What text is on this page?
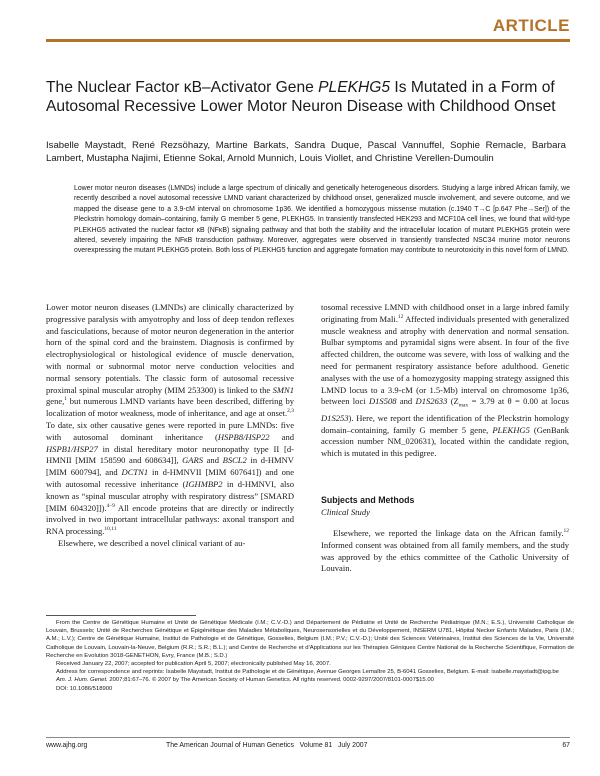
ARTICLE
The Nuclear Factor κB–Activator Gene PLEKHG5 Is Mutated in a Form of Autosomal Recessive Lower Motor Neuron Disease with Childhood Onset
Isabelle Maystadt, René Rezsöhazy, Martine Barkats, Sandra Duque, Pascal Vannuffel, Sophie Remacle, Barbara Lambert, Mustapha Najimi, Etienne Sokal, Arnold Munnich, Louis Viollet, and Christine Verellen-Dumoulin
Lower motor neuron diseases (LMNDs) include a large spectrum of clinically and genetically heterogeneous disorders. Studying a large inbred African family, we recently described a novel autosomal recessive LMND variant characterized by childhood onset, generalized muscle involvement, and severe outcome, and we mapped the disease gene to a 3.9-cM interval on chromosome 1p36. We identified a homozygous missense mutation (c.1940 T→C [p.647 Phe→Ser]) of the Pleckstrin homology domain–containing, family G member 5 gene, PLEKHG5. In transiently transfected HEK293 and MCF10A cell lines, we found that wild-type PLEKHG5 activated the nuclear factor κB (NFκB) signaling pathway and that both the stability and the intracellular location of mutant PLEKHG5 protein were altered, severely impairing the NFκB transduction pathway. Moreover, aggregates were observed in transiently transfected NSC34 murine motor neurons overexpressing the mutant PLEKHG5 protein. Both loss of PLEKHG5 function and aggregate formation may contribute to neurotoxicity in this novel form of LMND.

Lower motor neuron diseases (LMNDs) are clinically characterized by progressive paralysis with amyotrophy and loss of deep tendon reflexes and fasciculations, because of motor neuron degeneration in the anterior horn of the spinal cord and the brainstem. Diagnosis is confirmed by electrophysiological or histological evidence of muscle denervation, with normal or subnormal motor nerve conduction velocities and normal sensory potentials. The classic form of autosomal recessive proximal spinal muscular atrophy (MIM 253300) is linked to the SMN1 gene,$^1$ but numerous LMND variants have been described, differing by localization of motor weakness, mode of inheritance, and age at onset.$^{2,3}$ To date, six other causative genes were reported in pure LMNDs: five with autosomal dominant inheritance (HSPB8/HSP22 and HSPB1/HSP27 in distal hereditary motor neuronopathy type II [d-HMNII [MIM 158590 and 608634]], GARS and BSCL2 in d-HMNV [MIM 600794], and DCTN1 in d-HMNVII [MIM 607641]) and one with autosomal recessive inheritance (IGHMBP2 in d-HMNVI, also known as “spinal muscular atrophy with respiratory distress” [SMARD [MIM 604320]]).$^{4-9}$ All encode proteins that are directly or indirectly involved in two important intracellular pathways: axonal transport and RNA processing.$^{10,11}$

Elsewhere, we described a novel clinical variant of au-

tosomal recessive LMND with childhood onset in a large inbred family originating from Mali.$^{12}$ Affected individuals presented with generalized muscle weakness and atrophy with denervation and normal sensation. Bulbar symptoms and pyramidal signs were absent. In four of the five affected children, the outcome was severe, with loss of walking and the need for permanent respiratory assistance before adulthood. Genetic analyses with the use of a homozygosity mapping strategy assigned this LMND locus to a 3.9-cM (or 1.5-Mb) interval on chromosome 1p36, between loci D1S508 and D1S2633 ($Z_{max} = 3.79$ at θ = 0.00 at locus D1S253). Here, we report the identification of the Pleckstrin homology domain–containing, family G member 5 gene, PLEKHG5 (GenBank accession number NM_020631), located within the candidate region, which is mutated in this pedigree.

Subjects and Methods
Clinical Study

Elsewhere, we reported the linkage data on the African family.$^{12}$ Informed consent was obtained from all family members, and the study was approved by the ethics committee of the Catholic University of Louvain.

From the Centre de Génétique Humaine et Unité de Génétique Médicale (I.M.; C.V.-D.) and Département de Pédiatrie et Unité de Recherche Pédiatrique (M.N.; E.S.), Université Catholique de Louvain, Brussels; Unité de Recherches Génétique et Épigénétique des Maladies Métaboliques, Neurosensorielles et du Développement, INSERM U781, Hôpital Necker Enfants Malades, Paris (I.M.; A.M.; L.V.); Centre de Génétique Humaine, Institut de Pathologie et de Génétique, Gosselies, Belgium (I.M.; P.V.; C.V.-D.); Unité des Sciences Vétérinaires, Institut des Sciences de la Vie, Université Catholique de Louvain, Louvain-la-Neuve, Belgium (R.R.; S.R.; B.L.); and Centre de Recherche et d'Applications sur les Thérapies Géniques Centre National de la Recherche Scientifique, Formation de Recherche en Evolution 3018-GENETHON, Evry, France (M.B.; S.D.)

Received January 22, 2007; accepted for publication April 5, 2007; electronically published May 16, 2007.

Address for correspondence and reprints: Isabelle Maystadt, Institut de Pathologie et de Génétique, Avenue Georges Lemaître 25, B-6041 Gosselies, Belgium. E-mail: isabelle.maystadt@ipg.be

Am. J. Hum. Genet. 2007;81:67–76. © 2007 by The American Society of Human Genetics. All rights reserved. 0002-9297/2007/8101-0007$15.00

DOI: 10.1086/518900

www.ajhg.org	The American Journal of Human Genetics   Volume 81   July 2007	67
